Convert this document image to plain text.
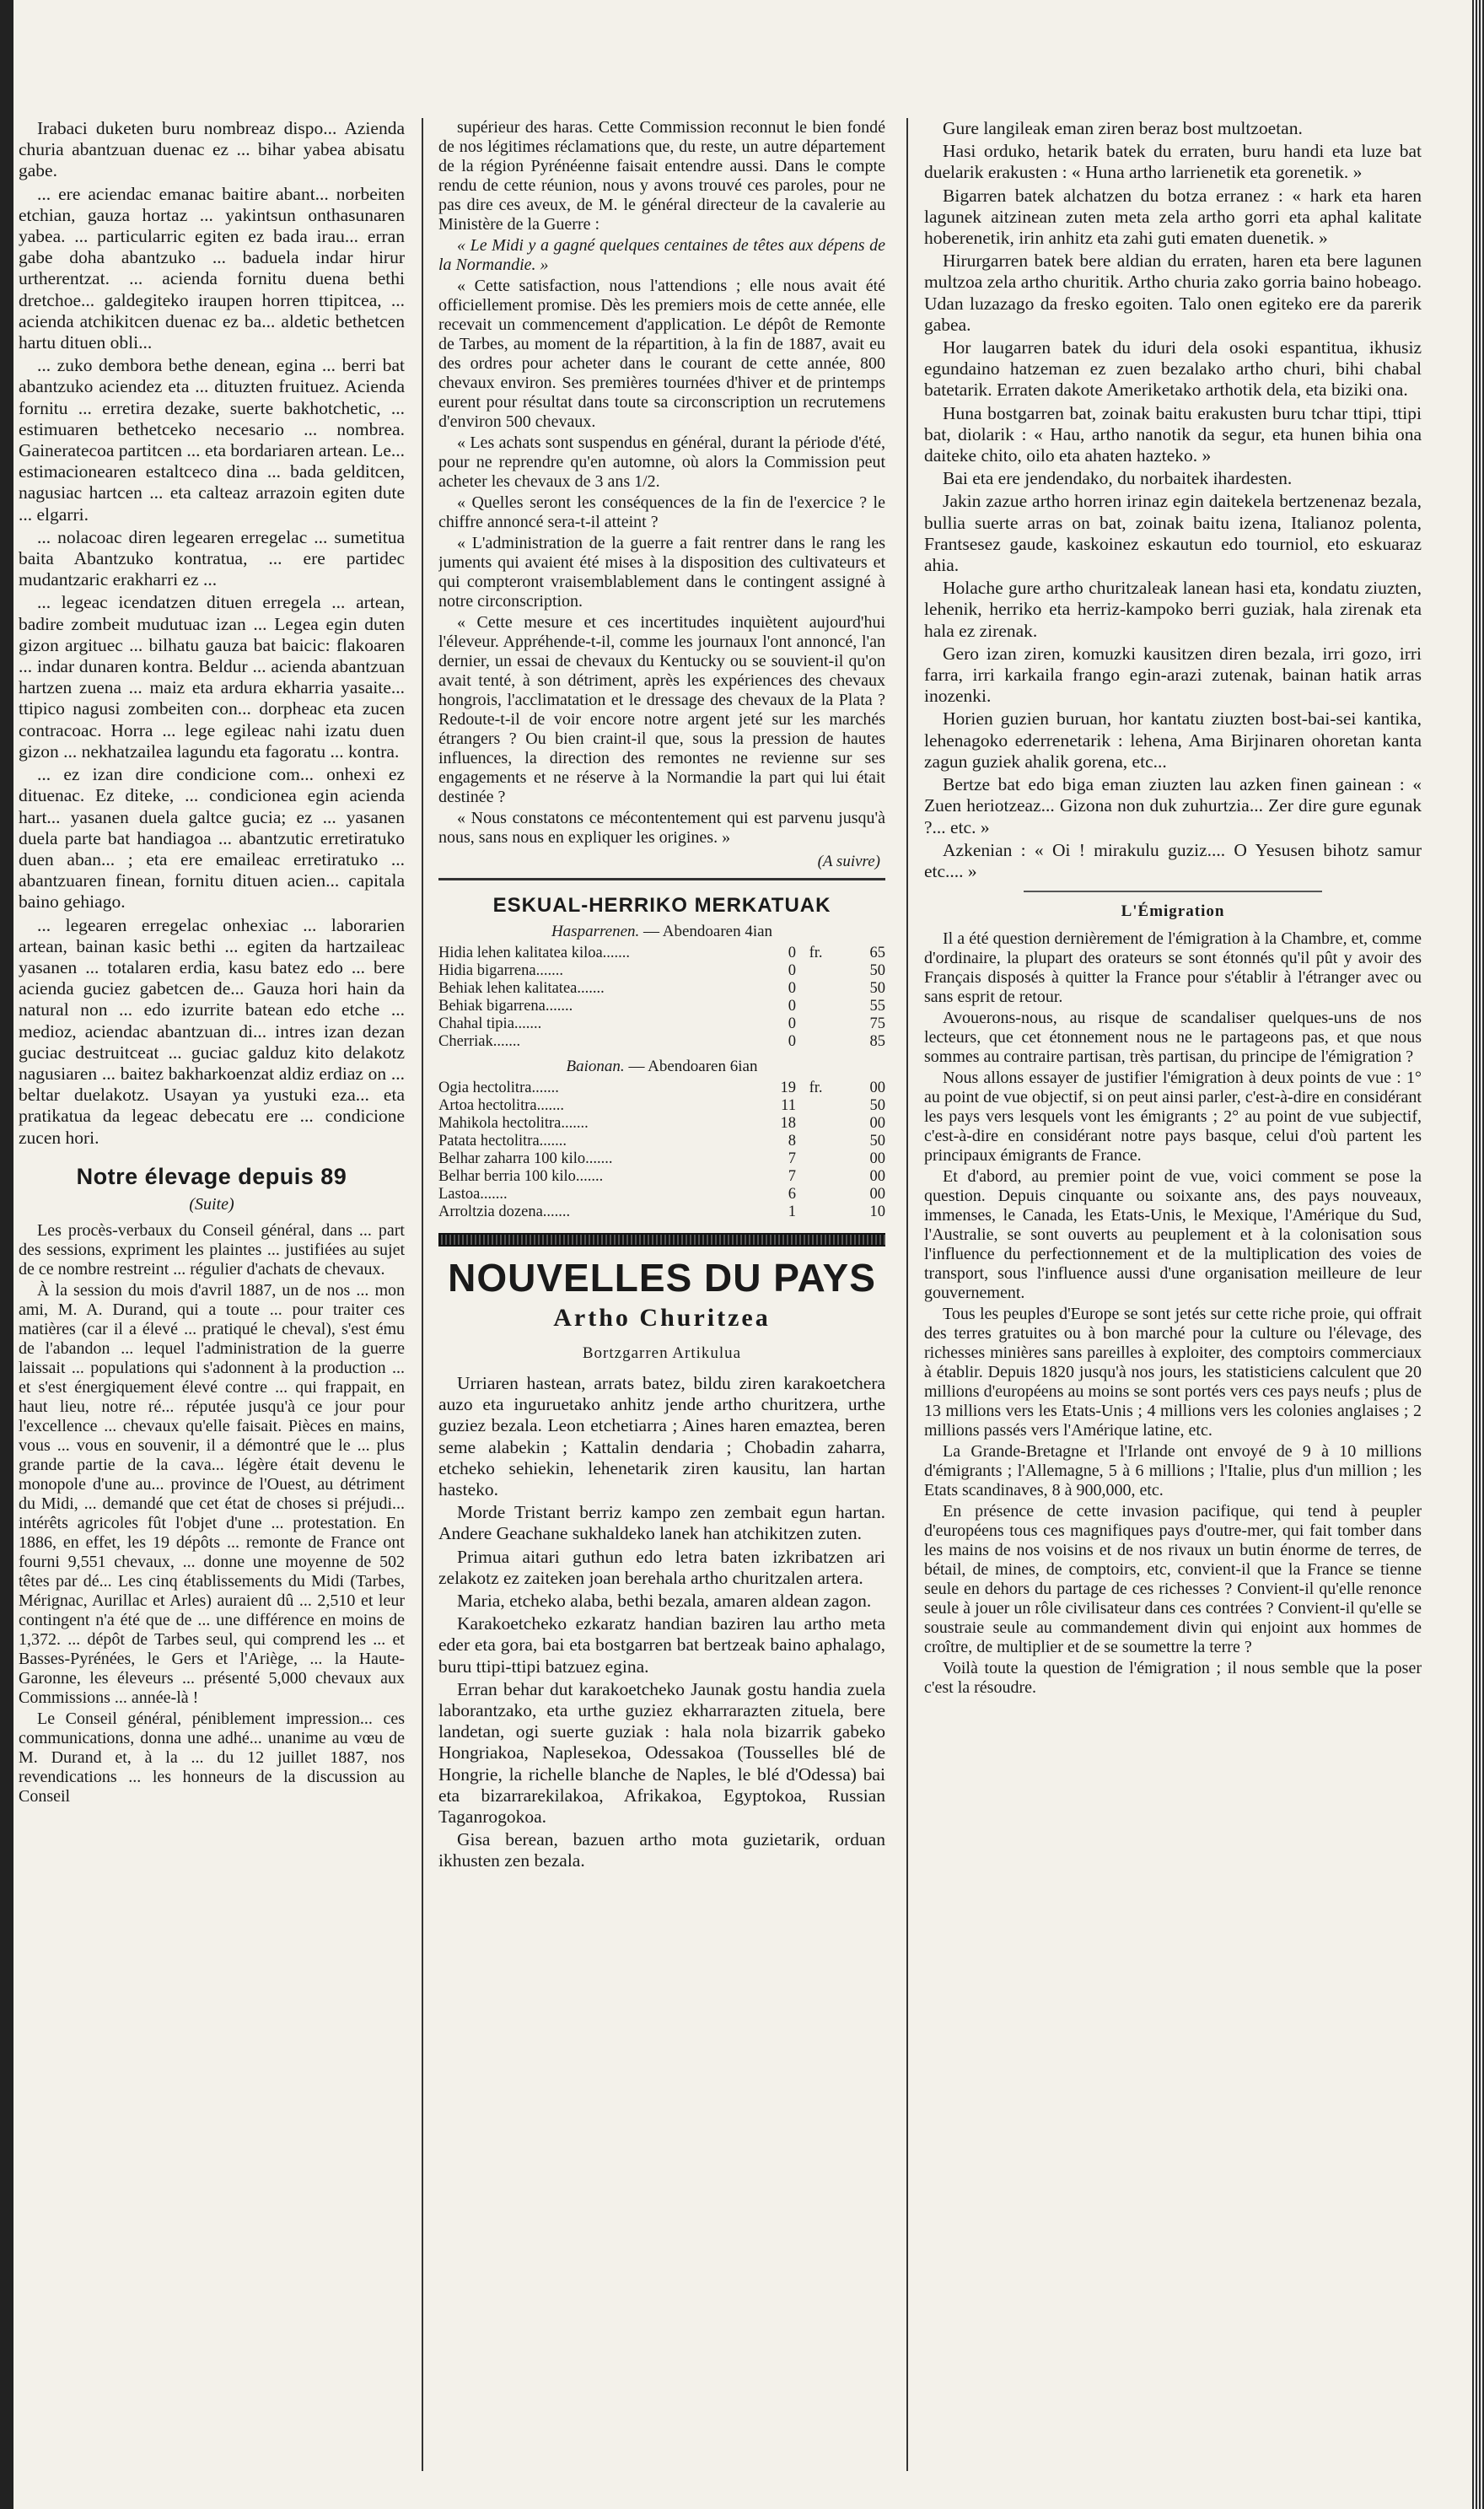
Irabaci duketen buru nombreaz dispo... Azienda churia abantzuan duenac ez ... bihar yabea abisatu gabe.

... ere aciendac emanac baitire abant... norbeiten etchian, gauza hortaz ... yakintsun onthasunaren yabea. ... particularric egiten ez bada irau... erran gabe doha abantzuko ... baduela indar hirur urtherentzat. ... acienda fornitu duena bethi dretchoe... galdegiteko iraupen horren ttipitcea, ... acienda atchikitcen duenac ez ba... aldetic bethetcen hartu dituen obli...

... zuko dembora bethe denean, egina ... berri bat abantzuko aciendez eta ... dituzten fruituez. Acienda fornitu ... erretira dezake, suerte bakhotchetic, ... estimuaren bethetceko necesario ... nombrea. Gaineratecoa partitcen ... eta bordariaren artean. Le... estimacionearen estaltceco dina ... bada gelditcen, nagusiac hartcen ... eta calteaz arrazoin egiten dute ... elgarri.

... nolacoac diren legearen erregelac ... sumetitua baita Abantzuko kontratua, ... ere partidec mudantzaric erakharri ez ...

... legeac icendatzen dituen erregela ... artean, badire zombeit mudutuac izan ... Legea egin duten gizon argituec ... bilhatu gauza bat baicic: flakoaren ... indar dunaren kontra. Beldur ... acienda abantzuan hartzen zuena ... maiz eta ardura ekharria yasaite... ttipico nagusi zombeiten con... dorpheac eta zucen contracoac. Horra ... lege egileac nahi izatu duen gizon ... nekhatzailea lagundu eta fagoratu ... kontra.

... ez izan dire condicione com... onhexi ez dituenac. Ez diteke, ... condicionea egin acienda hart... yasanen duela galtce gucia; ez ... yasanen duela parte bat handiagoa ... abantzutic erretiratuko duen aban... ; eta ere emaileac erretiratuko ... abantzuaren finean, fornitu dituen acien... capitala baino gehiago.

... legearen erregelac onhexiac ... laborarien artean, bainan kasic bethi ... egiten da hartzaileac yasanen ... totalaren erdia, kasu batez edo ... bere acienda guciez gabetcen de... Gauza hori hain da natural non ... edo izurrite batean edo etche ... medioz, aciendac abantzuan di... intres izan dezan guciac destruitceat ... guciac galduz kito delakotz nagusiaren ... baitez bakharkoenzat aldiz erdiaz on ... beltar duelakotz. Usayan ya yustuki eza... eta pratikatua da legeac debecatu ere ... condicione zucen hori.

Notre élevage depuis 89
(Suite)

Les procès-verbaux du Conseil général, dans ... part des sessions, expriment les plaintes ... justifiées au sujet de ce nombre restreint ... régulier d'achats de chevaux.

À la session du mois d'avril 1887, un de nos ... mon ami, M. A. Durand, qui a toute ... pour traiter ces matières (car il a élevé ... pratiqué le cheval), s'est ému de l'abandon ... lequel l'administration de la guerre laissait ... populations qui s'adonnent à la production ... et s'est énergiquement élevé contre ... qui frappait, en haut lieu, notre ré... réputée jusqu'à ce jour pour l'excellence ... chevaux qu'elle faisait. Pièces en mains, vous ... vous en souvenir, il a démontré que le ... plus grande partie de la cava... légère était devenu le monopole d'une au... province de l'Ouest, au détriment du Midi, ... demandé que cet état de choses si préjudi... intérêts agricoles fût l'objet d'une ... protestation. En 1886, en effet, les 19 dépôts ... remonte de France ont fourni 9,551 chevaux, ... donne une moyenne de 502 têtes par dé... Les cinq établissements du Midi (Tarbes, Mérignac, Aurillac et Arles) auraient dû ... 2,510 et leur contingent n'a été que de ... une différence en moins de 1,372. ... dépôt de Tarbes seul, qui comprend les ... et Basses-Pyrénées, le Gers et l'Ariège, ... la Haute-Garonne, les éleveurs ... présenté 5,000 chevaux aux Commissions ... année-là !

Le Conseil général, péniblement impression... ces communications, donna une adhé... unanime au vœu de M. Durand et, à la ... du 12 juillet 1887, nos revendications ... les honneurs de la discussion au Conseil

supérieur des haras. Cette Commission reconnut le bien fondé de nos légitimes réclamations que, du reste, un autre département de la région Pyrénéenne faisait entendre aussi. Dans le compte rendu de cette réunion, nous y avons trouvé ces paroles, pour ne pas dire ces aveux, de M. le général directeur de la cavalerie au Ministère de la Guerre :

« Le Midi y a gagné quelques centaines de têtes aux dépens de la Normandie. »

« Cette satisfaction, nous l'attendions ; elle nous avait été officiellement promise. Dès les premiers mois de cette année, elle recevait un commencement d'application. Le dépôt de Remonte de Tarbes, au moment de la répartition, à la fin de 1887, avait eu des ordres pour acheter dans le courant de cette année, 800 chevaux environ. Ses premières tournées d'hiver et de printemps eurent pour résultat dans toute sa circonscription un recrutemens d'environ 500 chevaux.

« Les achats sont suspendus en général, durant la période d'été, pour ne reprendre qu'en automne, où alors la Commission peut acheter les chevaux de 3 ans 1/2.

« Quelles seront les conséquences de la fin de l'exercice ? le chiffre annoncé sera-t-il atteint ?

« L'administration de la guerre a fait rentrer dans le rang les juments qui avaient été mises à la disposition des cultivateurs et qui compteront vraisemblablement dans le contingent assigné à notre circonscription.

« Cette mesure et ces incertitudes inquiètent aujourd'hui l'éleveur. Appréhende-t-il, comme les journaux l'ont annoncé, l'an dernier, un essai de chevaux du Kentucky ou se souvient-il qu'on avait tenté, à son détriment, après les expériences des chevaux hongrois, l'acclimatation et le dressage des chevaux de la Plata ? Redoute-t-il de voir encore notre argent jeté sur les marchés étrangers ? Ou bien craint-il que, sous la pression de hautes influences, la direction des remontes ne revienne sur ses engagements et ne réserve à la Normandie la part qui lui était destinée ?

« Nous constatons ce mécontentement qui est parvenu jusqu'à nous, sans nous en expliquer les origines. »

(A suivre)
ESKUAL-HERRIKO MERKATUAK
Hasparrenen. — Abendoaren 4ian
Hidia lehen kalitatea kiloa.......	0	fr.	65
Hidia bigarrena.......	0		50
Behiak lehen kalitatea.......	0		50
Behiak bigarrena.......	0		55
Chahal tipia.......	0		75
Cherriak.......	0		85
Baionan. — Abendoaren 6ian
Ogia hectolitra.......	19	fr.	00
Artoa hectolitra.......	11		50
Mahikola hectolitra.......	18		00
Patata hectolitra.......	8		50
Belhar zaharra 100 kilo.......	7		00
Belhar berria 100 kilo.......	7		00
Lastoa.......	6		00
Arroltzia dozena.......	1		10
NOUVELLES DU PAYS
Artho Churitzea
Bortzgarren Artikulua

Urriaren hastean, arrats batez, bildu ziren karakoetchera auzo eta inguruetako anhitz jende artho churitzera, urthe guziez bezala. Leon etchetiarra ; Aines haren emaztea, beren seme alabekin ; Kattalin dendaria ; Chobadin zaharra, etcheko sehiekin, lehenetarik ziren kausitu, lan hartan hasteko.

Morde Tristant berriz kampo zen zembait egun hartan. Andere Geachane sukhaldeko lanek han atchikitzen zuten.

Primua aitari guthun edo letra baten izkribatzen ari zelakotz ez zaiteken joan berehala artho churitzalen artera.

Maria, etcheko alaba, bethi bezala, amaren aldean zagon.

Karakoetcheko ezkaratz handian baziren lau artho meta eder eta gora, bai eta bostgarren bat bertzeak baino aphalago, buru ttipi-ttipi batzuez egina.

Erran behar dut karakoetcheko Jaunak gostu handia zuela laborantzako, eta urthe guziez ekharrarazten zituela, bere landetan, ogi suerte guziak : hala nola bizarrik gabeko Hongriakoa, Naplesekoa, Odessakoa (Tousselles blé de Hongrie, la richelle blanche de Naples, le blé d'Odessa) bai eta bizarrarekilakoa, Afrikakoa, Egyptokoa, Russian Taganrogokoa.

Gisa berean, bazuen artho mota guzietarik, orduan ikhusten zen bezala.

Gure langileak eman ziren beraz bost multzoetan.

Hasi orduko, hetarik batek du erraten, buru handi eta luze bat duelarik erakusten : « Huna artho larrienetik eta gorenetik. »

Bigarren batek alchatzen du botza erranez : « hark eta haren lagunek aitzinean zuten meta zela artho gorri eta aphal kalitate hoberenetik, irin anhitz eta zahi guti ematen duenetik. »

Hirurgarren batek bere aldian du erraten, haren eta bere lagunen multzoa zela artho churitik. Artho churia zako gorria baino hobeago. Udan luzazago da fresko egoiten. Talo onen egiteko ere da parerik gabea.

Hor laugarren batek du iduri dela osoki espantitua, ikhusiz egundaino hatzeman ez zuen bezalako artho churi, bihi chabal batetarik. Erraten dakote Ameriketako arthotik dela, eta biziki ona.

Huna bostgarren bat, zoinak baitu erakusten buru tchar ttipi, ttipi bat, diolarik : « Hau, artho nanotik da segur, eta hunen bihia ona daiteke chito, oilo eta ahaten hazteko. »

Bai eta ere jendendako, du norbaitek ihardesten.

Jakin zazue artho horren irinaz egin daitekela bertzenenaz bezala, bullia suerte arras on bat, zoinak baitu izena, Italianoz polenta, Frantsesez gaude, kaskoinez eskautun edo tourniol, eto eskuaraz ahia.

Holache gure artho churitzaleak lanean hasi eta, kondatu ziuzten, lehenik, herriko eta herriz-kampoko berri guziak, hala zirenak eta hala ez zirenak.

Gero izan ziren, komuzki kausitzen diren bezala, irri gozo, irri farra, irri karkaila frango egin-arazi zutenak, bainan hatik arras inozenki.

Horien guzien buruan, hor kantatu ziuzten bost-bai-sei kantika, lehenagoko ederrenetarik : lehena, Ama Birjinaren ohoretan kanta zagun guziek ahalik gorena, etc...

Bertze bat edo biga eman ziuzten lau azken finen gainean : « Zuen heriotzeaz... Gizona non duk zuhurtzia... Zer dire gure egunak ?... etc. »

Azkenian : « Oi ! mirakulu guziz.... O Yesusen bihotz samur etc.... »

L'Émigration

Il a été question dernièrement de l'émigration à la Chambre, et, comme d'ordinaire, la plupart des orateurs se sont étonnés qu'il pût y avoir des Français disposés à quitter la France pour s'établir à l'étranger avec ou sans esprit de retour.

Avouerons-nous, au risque de scandaliser quelques-uns de nos lecteurs, que cet étonnement nous ne le partageons pas, et que nous sommes au contraire partisan, très partisan, du principe de l'émigration ?

Nous allons essayer de justifier l'émigration à deux points de vue : 1° au point de vue objectif, si on peut ainsi parler, c'est-à-dire en considérant les pays vers lesquels vont les émigrants ; 2° au point de vue subjectif, c'est-à-dire en considérant notre pays basque, celui d'où partent les principaux émigrants de France.

Et d'abord, au premier point de vue, voici comment se pose la question. Depuis cinquante ou soixante ans, des pays nouveaux, immenses, le Canada, les Etats-Unis, le Mexique, l'Amérique du Sud, l'Australie, se sont ouverts au peuplement et à la colonisation sous l'influence du perfectionnement et de la multiplication des voies de transport, sous l'influence aussi d'une organisation meilleure de leur gouvernement.

Tous les peuples d'Europe se sont jetés sur cette riche proie, qui offrait des terres gratuites ou à bon marché pour la culture ou l'élevage, des richesses minières sans pareilles à exploiter, des comptoirs commerciaux à établir. Depuis 1820 jusqu'à nos jours, les statisticiens calculent que 20 millions d'européens au moins se sont portés vers ces pays neufs ; plus de 13 millions vers les Etats-Unis ; 4 millions vers les colonies anglaises ; 2 millions passés vers l'Amérique latine, etc.

La Grande-Bretagne et l'Irlande ont envoyé de 9 à 10 millions d'émigrants ; l'Allemagne, 5 à 6 millions ; l'Italie, plus d'un million ; les Etats scandinaves, 8 à 900,000, etc.

En présence de cette invasion pacifique, qui tend à peupler d'européens tous ces magnifiques pays d'outre-mer, qui fait tomber dans les mains de nos voisins et de nos rivaux un butin énorme de terres, de bétail, de mines, de comptoirs, etc, convient-il que la France se tienne seule en dehors du partage de ces richesses ? Convient-il qu'elle renonce seule à jouer un rôle civilisateur dans ces contrées ? Convient-il qu'elle se soustraie seule au commandement divin qui enjoint aux hommes de croître, de multiplier et de se soumettre la terre ?

Voilà toute la question de l'émigration ; il nous semble que la poser c'est la résoudre.
